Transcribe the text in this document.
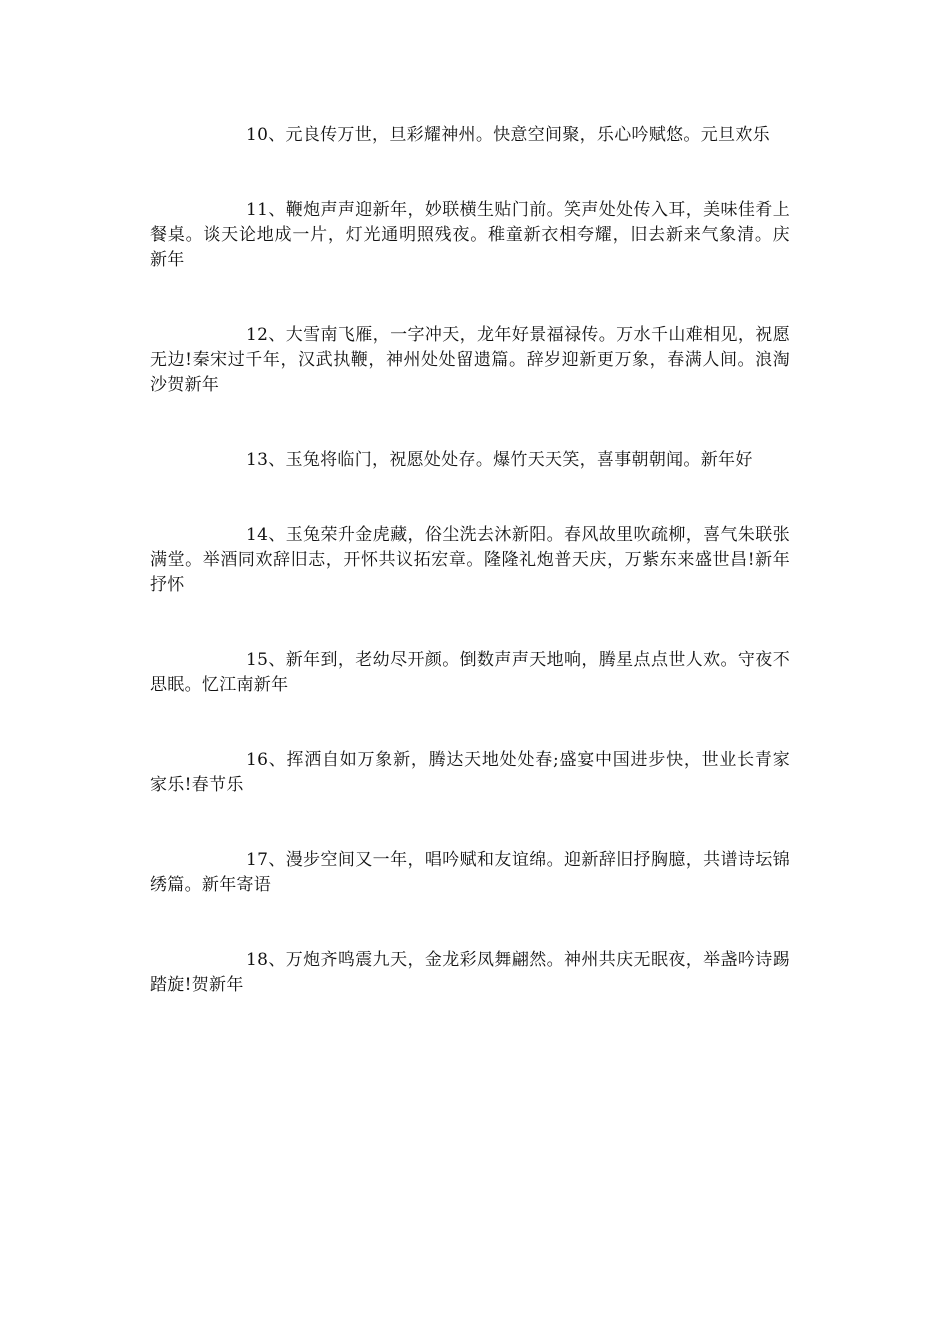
10、元良传万世，旦彩耀神州。快意空间聚，乐心吟赋悠。元旦欢乐

11、鞭炮声声迎新年，妙联横生贴门前。笑声处处传入耳，美味佳肴上餐桌。谈天论地成一片，灯光通明照残夜。稚童新衣相夸耀，旧去新来气象清。庆新年

12、大雪南飞雁，一字冲天，龙年好景福禄传。万水千山难相见，祝愿无边!秦宋过千年，汉武执鞭，神州处处留遗篇。辞岁迎新更万象，春满人间。浪淘沙贺新年

13、玉兔将临门，祝愿处处存。爆竹天天笑，喜事朝朝闻。新年好

14、玉兔荣升金虎藏，俗尘洗去沐新阳。春风故里吹疏柳，喜气朱联张满堂。举酒同欢辞旧志，开怀共议拓宏章。隆隆礼炮普天庆，万紫东来盛世昌!新年抒怀

15、新年到，老幼尽开颜。倒数声声天地响，腾星点点世人欢。守夜不思眠。忆江南新年

16、挥洒自如万象新，腾达天地处处春;盛宴中国进步快，世业长青家家乐!春节乐

17、漫步空间又一年，唱吟赋和友谊绵。迎新辞旧抒胸臆，共谱诗坛锦绣篇。新年寄语

18、万炮齐鸣震九天，金龙彩凤舞翩然。神州共庆无眠夜，举盏吟诗踢踏旋!贺新年
